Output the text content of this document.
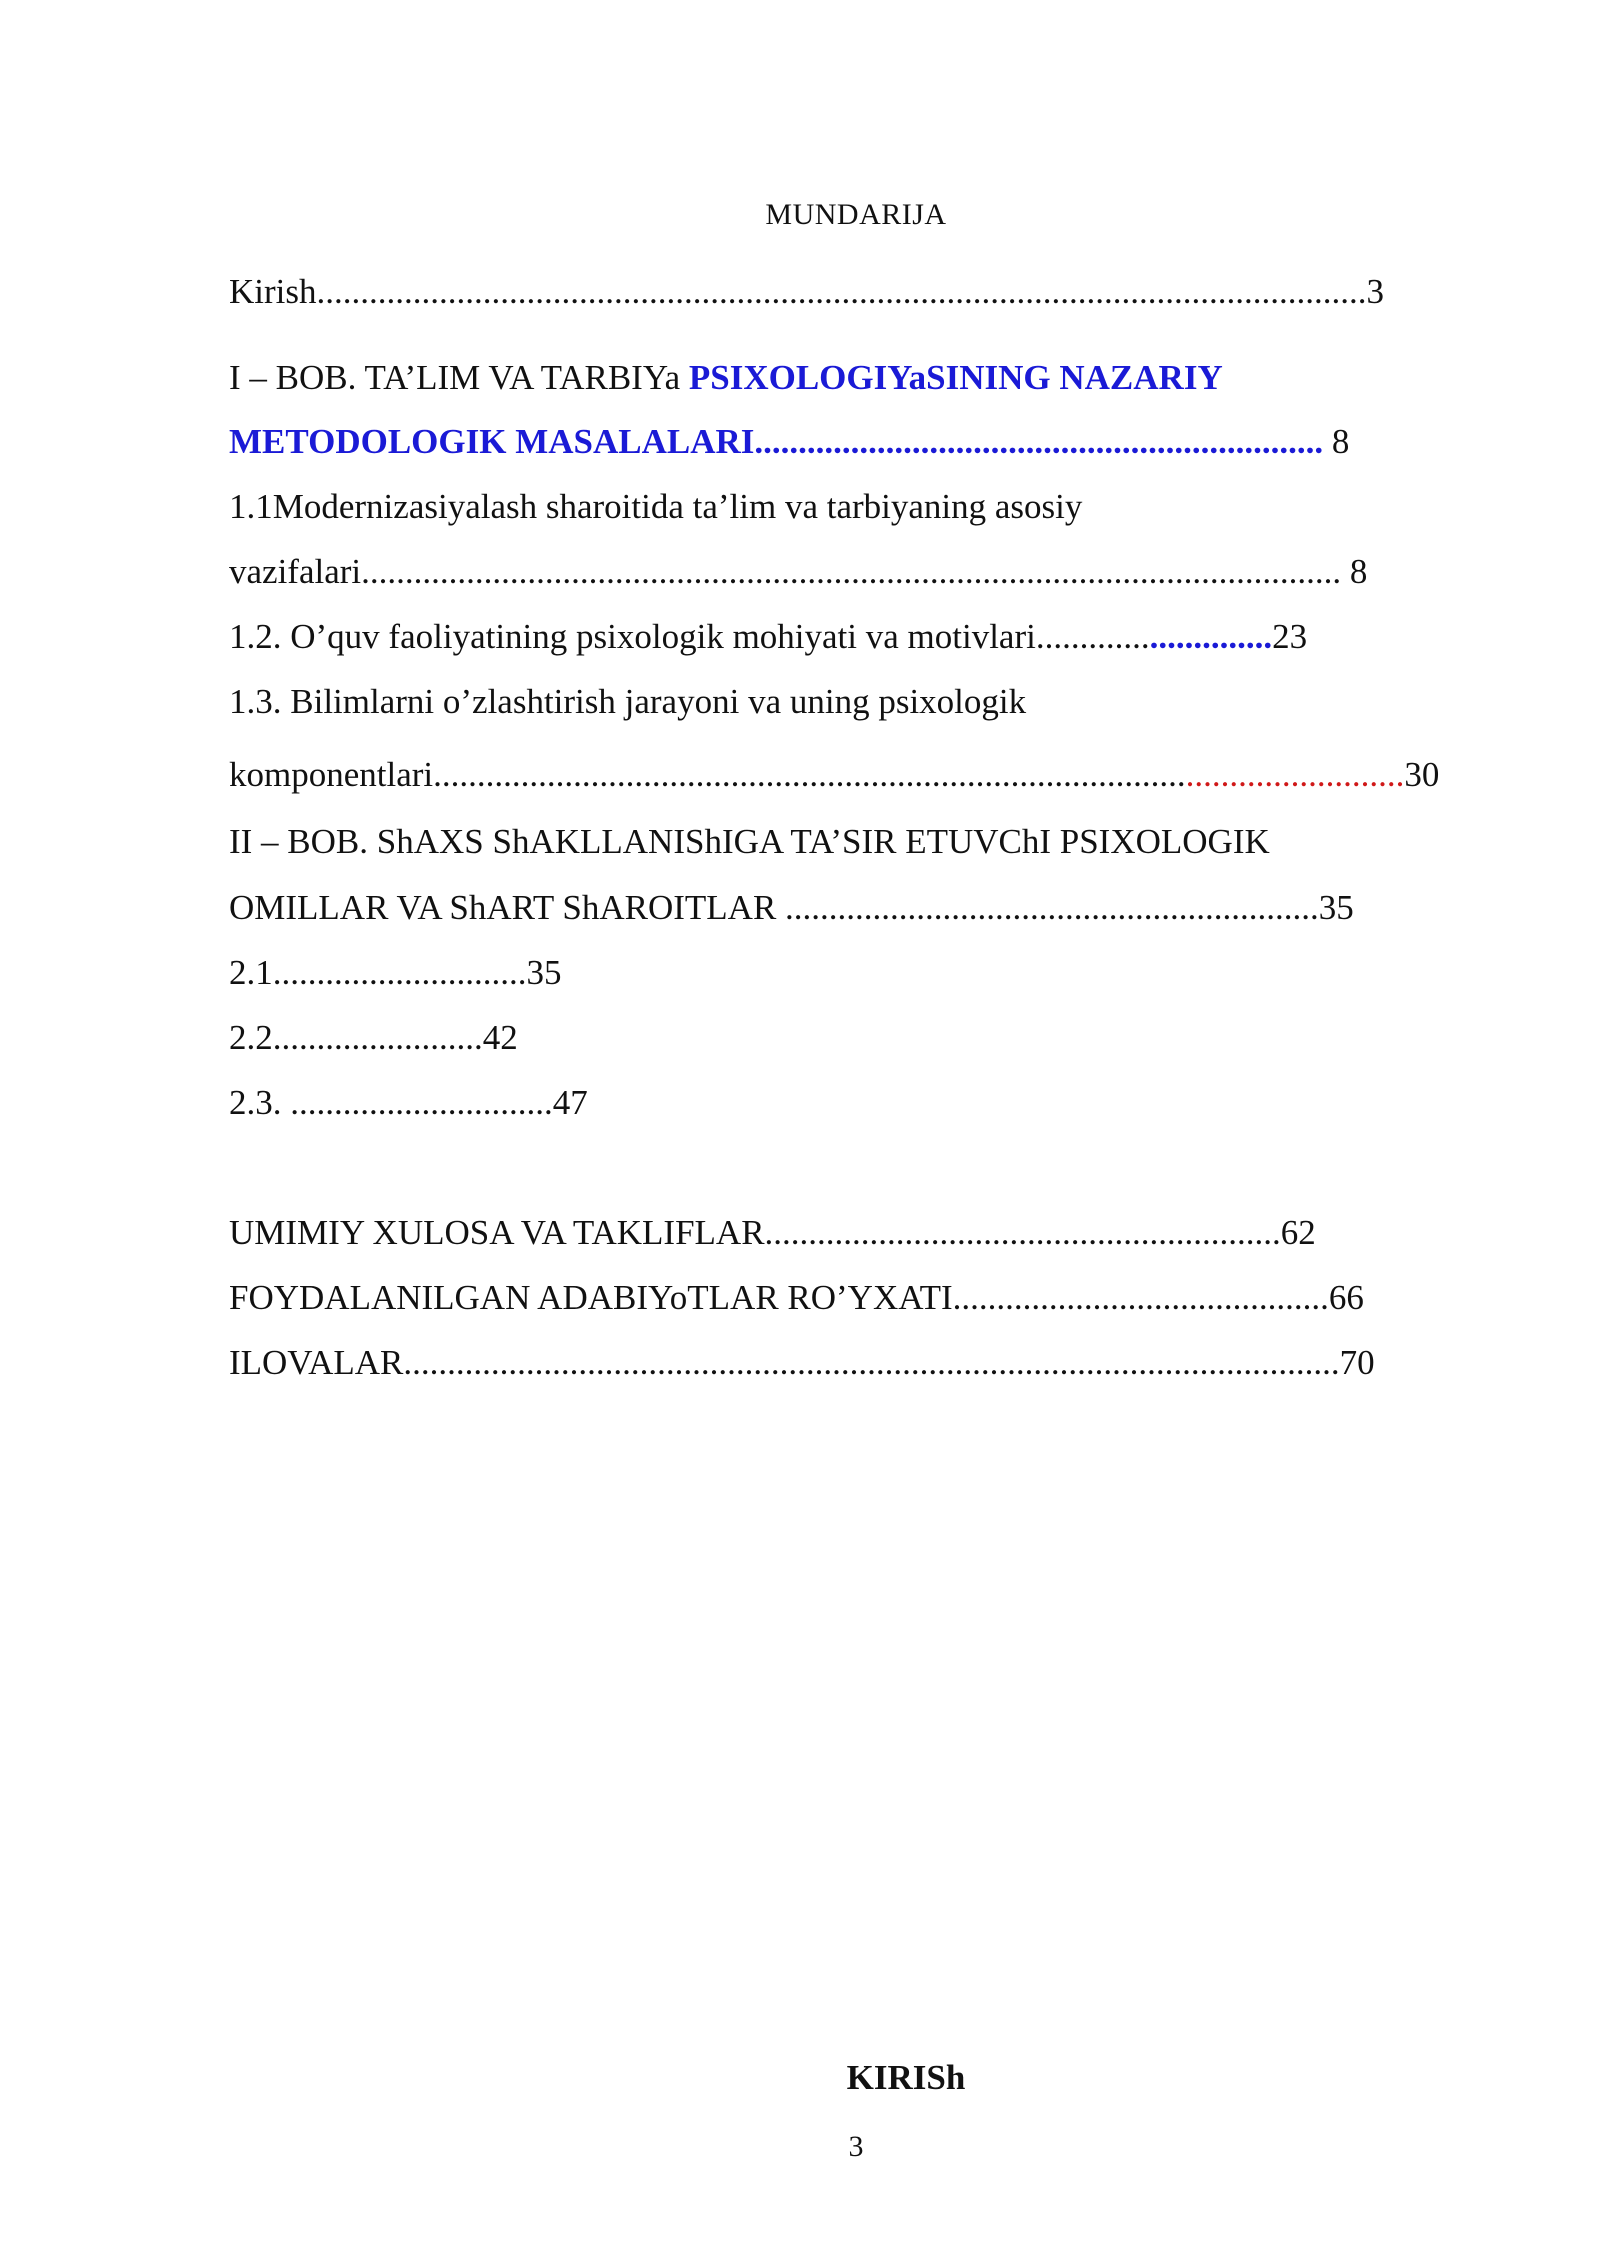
MUNDARIJA
Kirish........................................................................................................................3
I – BOB. TA’LIM VA TARBIYa PSIXOLOGIYaSINING NAZARIY
METODOLOGIK MASALALARI................................................................. 8
1.1Modernizasiyalash sharoitida ta’lim va tarbiyaning asosiy
vazifalari................................................................................................................ 8
1.2. O’quv faoliyatining psixologik mohiyati va motivlari...........................23
1.3. Bilimlarni o’zlashtirish jarayoni va uning psixologik
komponentlari...............................................................................................................30
II – BOB. ShAXS ShAKLLANIShIGA TA’SIR ETUVChI PSIXOLOGIK
OMILLAR VA ShART ShAROITLAR .............................................................35
2.1.............................35
2.2........................42
2.3. ..............................47
UMIMIY XULOSA VA TAKLIFLAR...........................................................62
FOYDALANILGAN ADABIYoTLAR RO’YXATI...........................................66
ILOVALAR...........................................................................................................70
KIRISh
3
